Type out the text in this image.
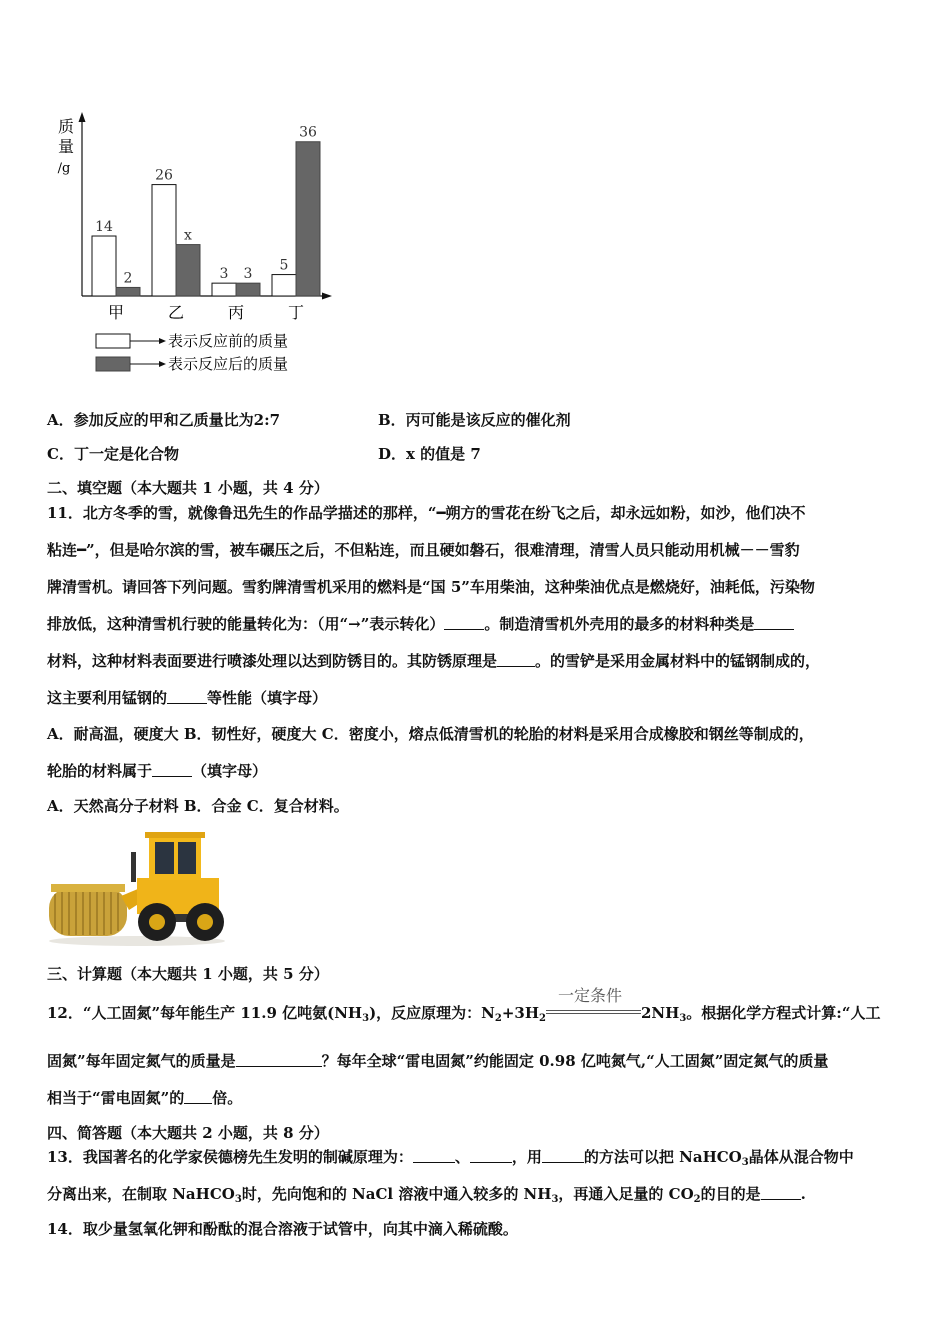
质
量
/g
14
2
甲
26
x
乙
3 3
丙
5
36
丁
表示反应前的质量
表示反应后的质量
A．参加反应的甲和乙质量比为2:7	B．丙可能是该反应的催化剂
C．丁一定是化合物	D．x 的值是 7
二、填空题（本大题共 1 小题，共 4 分）
11．北方冬季的雪，就像鲁迅先生的作品学描述的那样，“━朔方的雪花在纷飞之后，却永远如粉，如沙，他们决不
粘连━”，但是哈尔滨的雪，被车碾压之后，不但粘连，而且硬如磐石，很难清理，清雪人员只能动用机械－－雪豹
牌清雪机。请回答下列问题。雪豹牌清雪机采用的燃料是“国 5”车用柴油，这种柴油优点是燃烧好，油耗低，污染物
排放低，这种清雪机行驶的能量转化为：（用“→”表示转化）	。制造清雪机外壳用的最多的材料种类是
材料，这种材料表面要进行喷漆处理以达到防锈目的。其防锈原理是	。的雪铲是采用金属材料中的锰钢制成的，
这主要利用锰钢的	等性能（填字母）
A．耐高温，硬度大 B．韧性好，硬度大 C．密度小，熔点低清雪机的轮胎的材料是采用合成橡胶和钢丝等制成的，
轮胎的材料属于	（填字母）
A．天然高分子材料 B．合金 C．复合材料。
三、计算题（本大题共 1 小题，共 5 分）
12．“人工固氮”每年能生产 11.9 亿吨氨$(NH_3)$，反应原理为：$N_2+3H_2$
一定条件
$2NH_3$。根据化学方程式计算:“人工
固氮”每年固定氮气的质量是	？每年全球“雷电固氮”约能固定 0.98 亿吨氮气,“人工固氮”固定氮气的质量
相当于“雷电固氮”的 倍。
四、简答题（本大题共 2 小题，共 8 分）
13．我国著名的化学家侯德榜先生发明的制碱原理为：	、	，用	的方法可以把 NaHCO$_3$晶体从混合物中
分离出来，在制取 NaHCO$_3$时，先向饱和的 NaCl 溶液中通入较多的 $NH_3$，再通入足量的 $CO_2$的目的是	.
14．取少量氢氧化钾和酚酞的混合溶液于试管中，向其中滴入稀硫酸。
